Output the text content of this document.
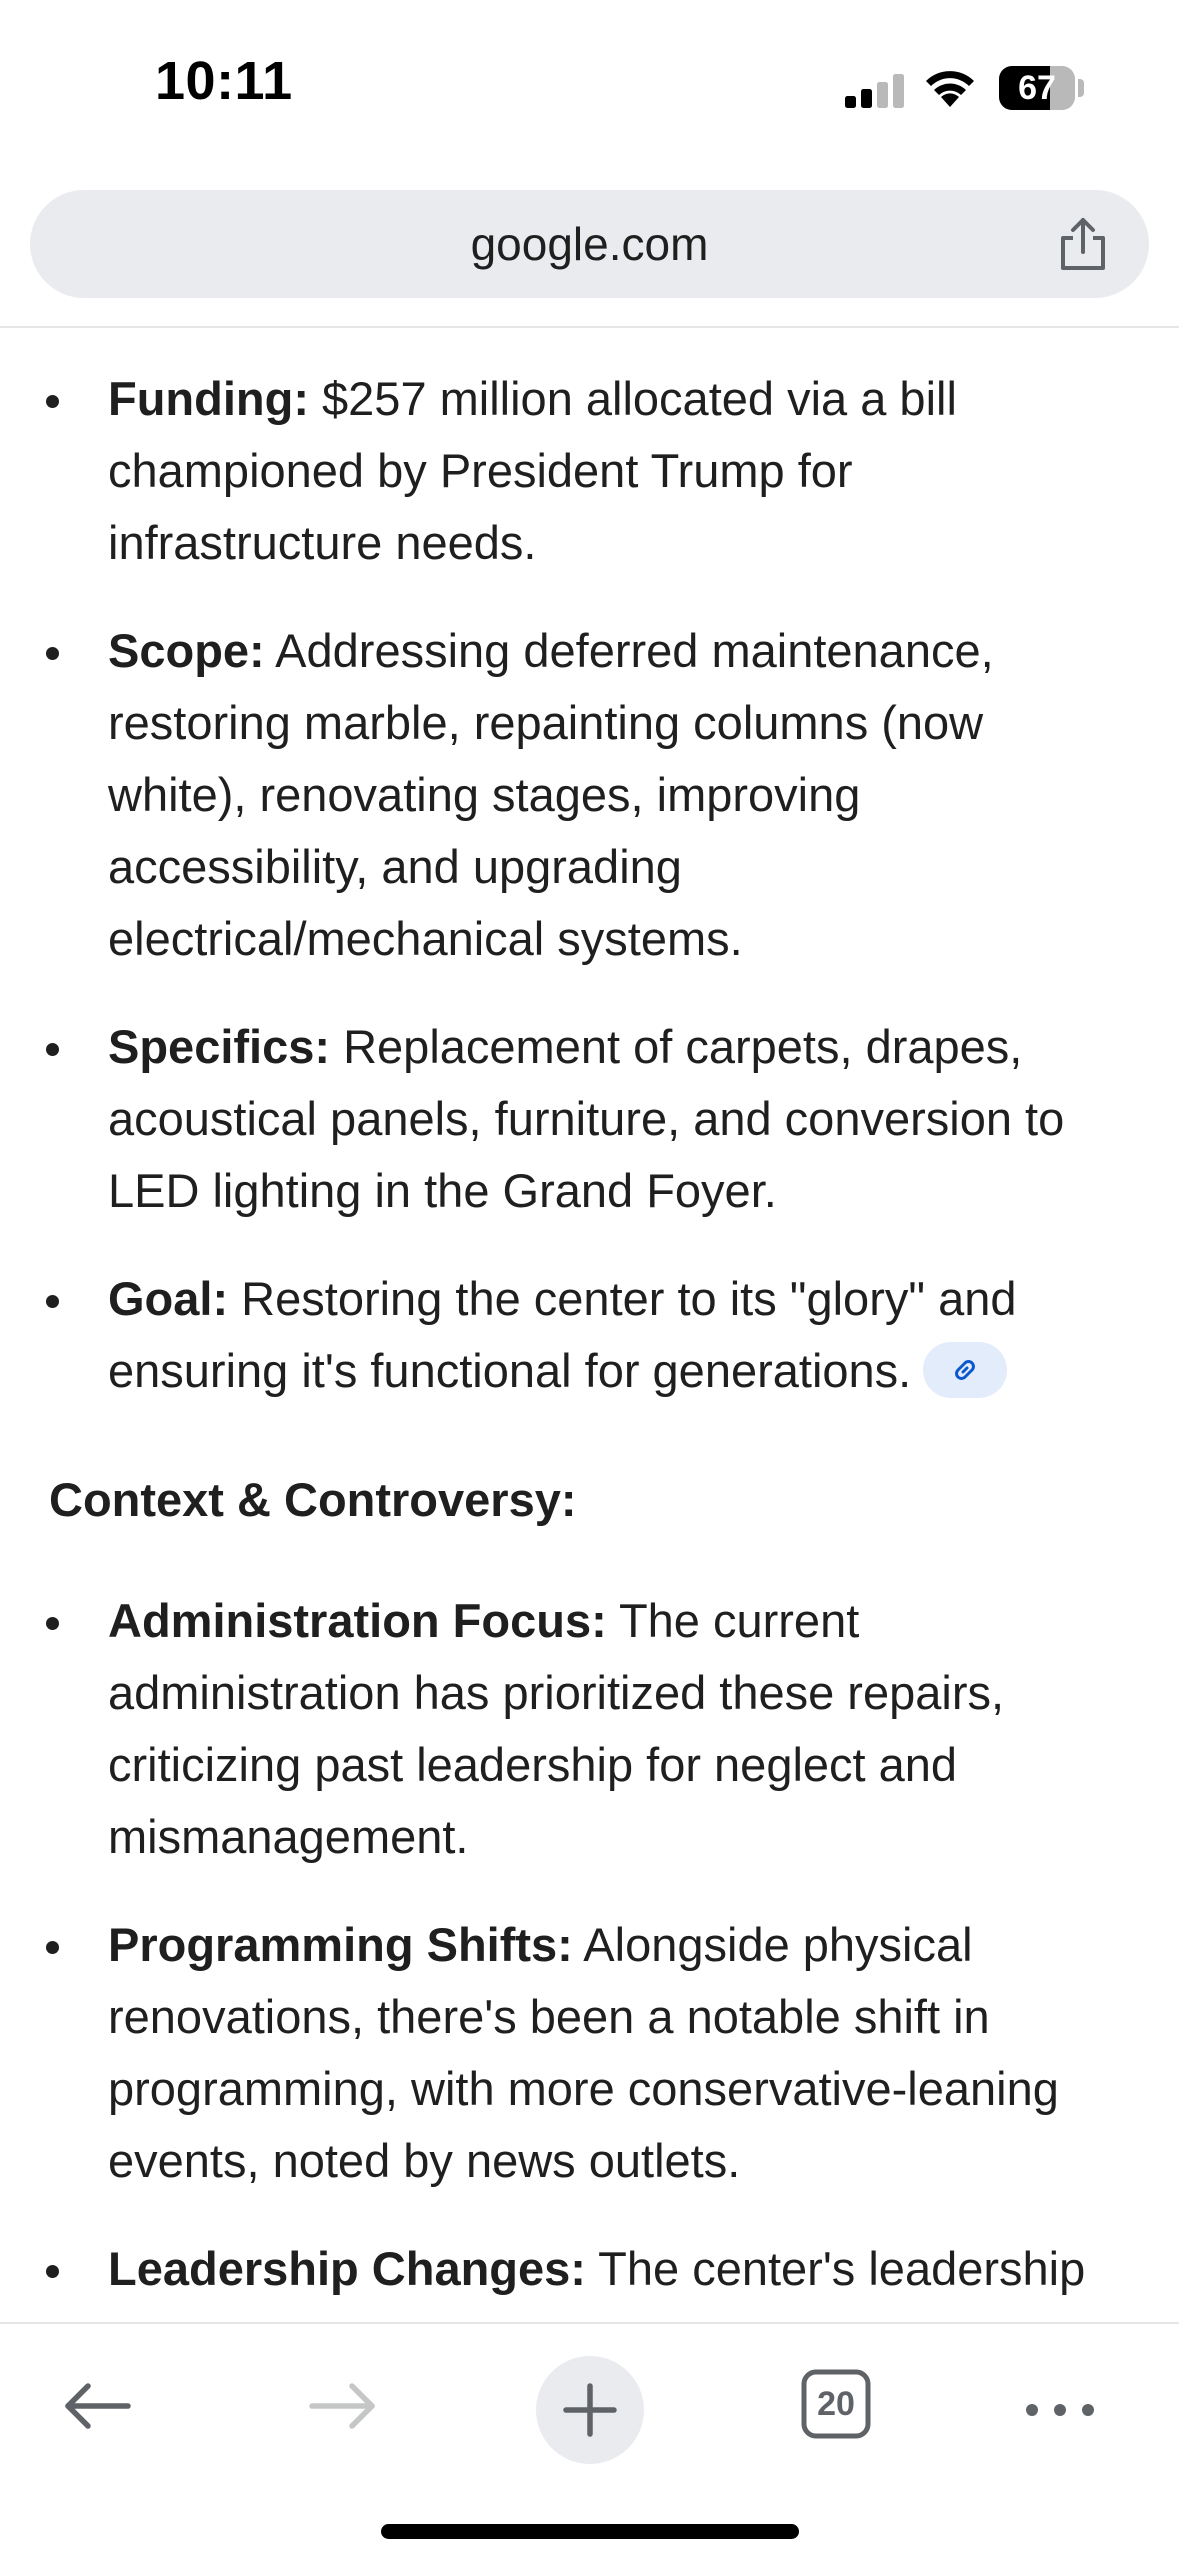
10:11	67
google.com
Funding: $257 million allocated via a bill championed by President Trump for infrastructure needs.
Scope: Addressing deferred maintenance, restoring marble, repainting columns (now white), renovating stages, improving accessibility, and upgrading electrical/mechanical systems.
Specifics: Replacement of carpets, drapes, acoustical panels, furniture, and conversion to LED lighting in the Grand Foyer.
Goal: Restoring the center to its "glory" and ensuring it's functional for generations.
Context & Controversy:
Administration Focus: The current administration has prioritized these repairs, criticizing past leadership for neglect and mismanagement.
Programming Shifts: Alongside physical renovations, there's been a notable shift in programming, with more conservative-leaning events, noted by news outlets.
Leadership Changes: The center's leadership
20
